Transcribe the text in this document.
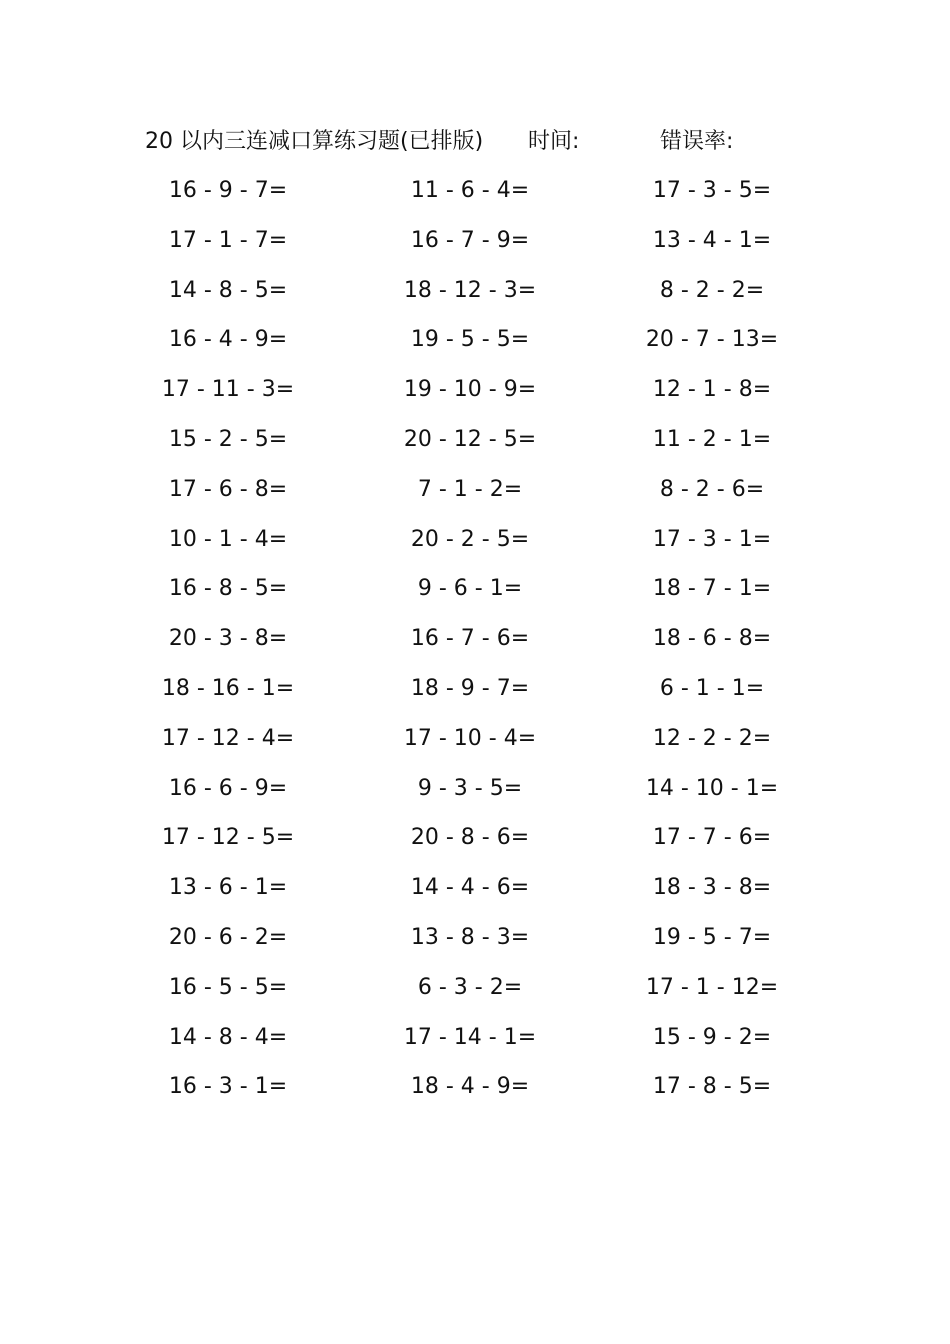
20 以内三连减口算练习题(已排版) 时间:	错误率:
16 - 9 - 7=	11 - 6 - 4=	17 - 3 - 5=
17 - 1 - 7=	16 - 7 - 9=	13 - 4 - 1=
14 - 8 - 5=	18 - 12 - 3=	8 - 2 - 2=
16 - 4 - 9=	19 - 5 - 5=	20 - 7 - 13=
17 - 11 - 3=	19 - 10 - 9=	12 - 1 - 8=
15 - 2 - 5=	20 - 12 - 5=	11 - 2 - 1=
17 - 6 - 8=	7 - 1 - 2=	8 - 2 - 6=
10 - 1 - 4=	20 - 2 - 5=	17 - 3 - 1=
16 - 8 - 5=	9 - 6 - 1=	18 - 7 - 1=
20 - 3 - 8=	16 - 7 - 6=	18 - 6 - 8=
18 - 16 - 1=	18 - 9 - 7=	6 - 1 - 1=
17 - 12 - 4=	17 - 10 - 4=	12 - 2 - 2=
16 - 6 - 9=	9 - 3 - 5=	14 - 10 - 1=
17 - 12 - 5=	20 - 8 - 6=	17 - 7 - 6=
13 - 6 - 1=	14 - 4 - 6=	18 - 3 - 8=
20 - 6 - 2=	13 - 8 - 3=	19 - 5 - 7=
16 - 5 - 5=	6 - 3 - 2=	17 - 1 - 12=
14 - 8 - 4=	17 - 14 - 1=	15 - 9 - 2=
16 - 3 - 1=	18 - 4 - 9=	17 - 8 - 5=
